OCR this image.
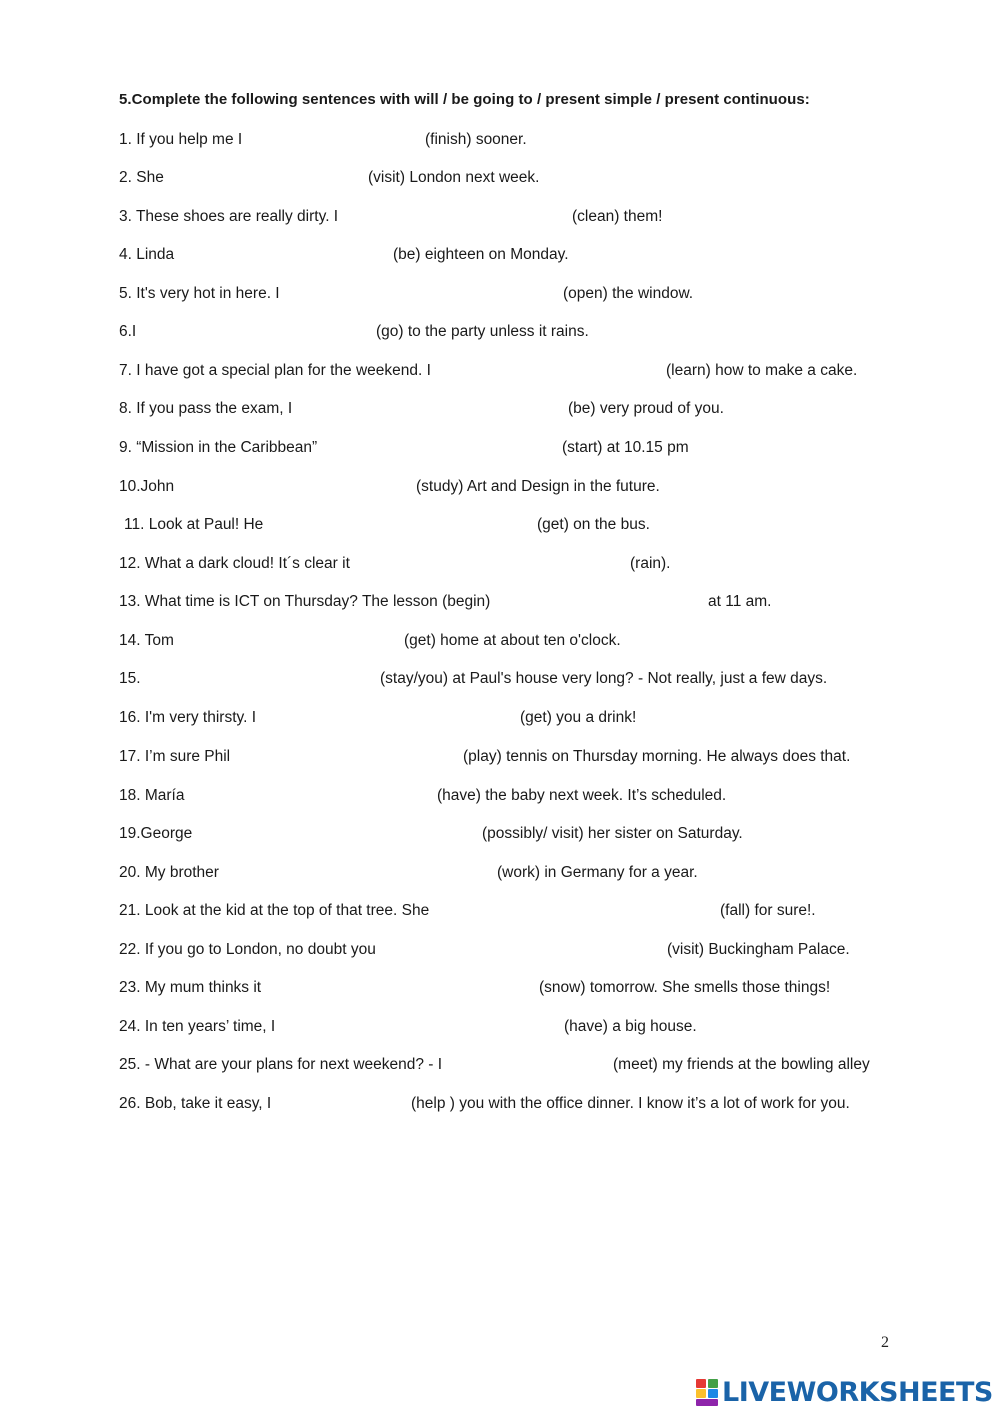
5.Complete the following sentences with will / be going to / present simple / present continuous:
1. If you help me I	(finish) sooner.
2. She	(visit) London next week.
3. These shoes are really dirty. I	(clean) them!
4. Linda	(be) eighteen on Monday.
5. It's very hot in here. I	(open) the window.
6.I	(go) to the party unless it rains.
7. I have got a special plan for the weekend. I	(learn) how to make a cake.
8. If you pass the exam, I	(be) very proud of you.
9. “Mission in the Caribbean”	(start) at 10.15 pm
10.John	(study) Art and Design in the future.
11. Look at Paul! He	(get) on the bus.
12. What a dark cloud! It´s clear it	(rain).
13. What time is ICT on Thursday? The lesson (begin)	at 11 am.
14. Tom	(get) home at about ten o'clock.
15.	(stay/you) at Paul's house very long? - Not really, just a few days.
16. I'm very thirsty. I	(get) you a drink!
17. I’m sure Phil	(play) tennis on Thursday morning. He always does that.
18. María	(have) the baby next week. It’s scheduled.
19.George	(possibly/ visit) her sister on Saturday.
20. My brother	(work) in Germany for a year.
21. Look at the kid at the top of that tree. She	(fall) for sure!.
22. If you go to London, no doubt you	(visit) Buckingham Palace.
23. My mum thinks it	(snow) tomorrow. She smells those things!
24. In ten years’ time, I	(have) a big house.
25. - What are your plans for next weekend? - I	(meet) my friends at the bowling alley
26. Bob, take it easy, I	(help ) you with the office dinner. I know it’s a lot of work for you.
2
LIVEWORKSHEETS
